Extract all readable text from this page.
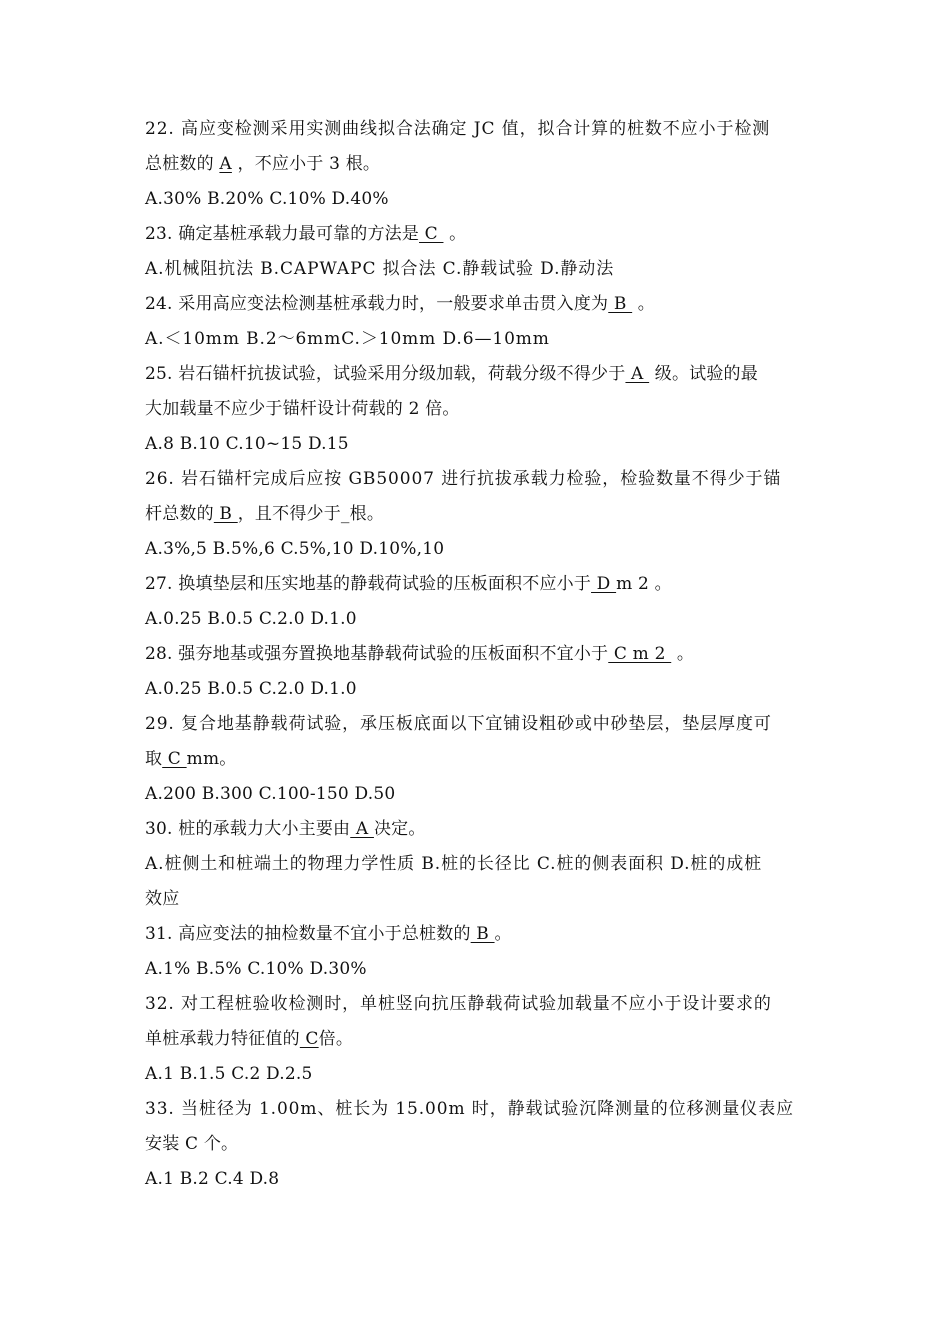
22. 高应变检测采用实测曲线拟合法确定 JC 值，拟合计算的桩数不应小于检测
总桩数的 A ，不应小于 3 根。
A.30% B.20% C.10% D.40%
23. 确定基桩承载力最可靠的方法是 C  。
A.机械阻抗法 B.CAPWAPC 拟合法 C.静载试验 D.静动法
24. 采用高应变法检测基桩承载力时，一般要求单击贯入度为 B  。
A.＜10mm B.2～6mmC.＞10mm D.6—10mm
25. 岩石锚杆抗拔试验，试验采用分级加载，荷载分级不得少于 A  级。试验的最
大加载量不应少于锚杆设计荷载的 2 倍。
A.8 B.10 C.10~15 D.15
26. 岩石锚杆完成后应按 GB50007 进行抗拔承载力检验，检验数量不得少于锚
杆总数的 B ，且不得少于_根。
A.3%,5 B.5%,6 C.5%,10 D.10%,10
27. 换填垫层和压实地基的静载荷试验的压板面积不应小于 D m 2 。
A.0.25 B.0.5 C.2.0 D.1.0
28. 强夯地基或强夯置换地基静载荷试验的压板面积不宜小于 C m 2  。
A.0.25 B.0.5 C.2.0 D.1.0
29. 复合地基静载荷试验，承压板底面以下宜铺设粗砂或中砂垫层，垫层厚度可
取 C mm。
A.200 B.300 C.100-150 D.50
30. 桩的承载力大小主要由 A 决定。
A.桩侧土和桩端土的物理力学性质 B.桩的长径比 C.桩的侧表面积 D.桩的成桩
效应
31. 高应变法的抽检数量不宜小于总桩数的 B 。
A.1% B.5% C.10% D.30%
32. 对工程桩验收检测时，单桩竖向抗压静载荷试验加载量不应小于设计要求的
单桩承载力特征值的 C倍。
A.1 B.1.5 C.2 D.2.5
33. 当桩径为 1.00m、桩长为 15.00m 时，静载试验沉降测量的位移测量仪表应
安装 C 个。
A.1 B.2 C.4 D.8
